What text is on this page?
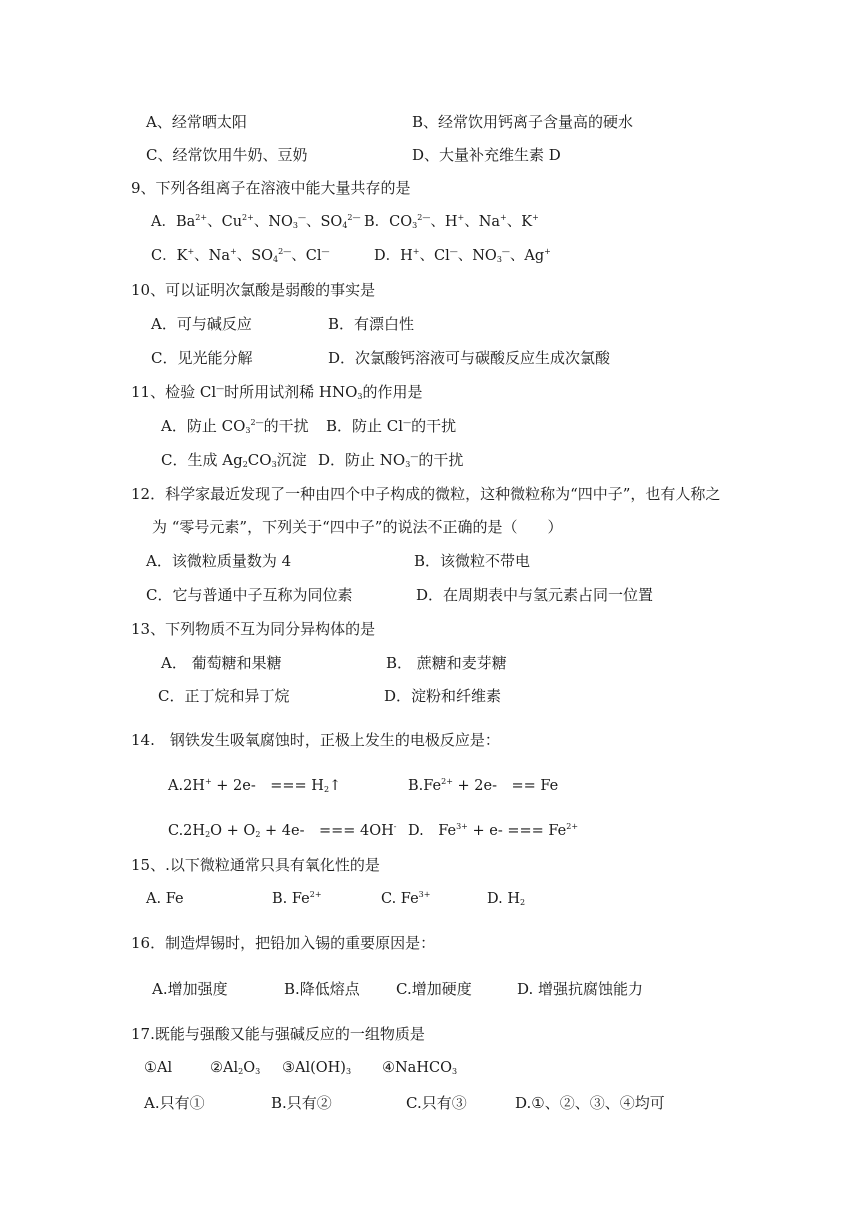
A、经常晒太阳	B、经常饮用钙离子含量高的硬水
C、经常饮用牛奶、豆奶	D、大量补充维生素 D
9、下列各组离子在溶液中能大量共存的是
A．$Ba^{2+}$、$Cu^{2+}$、$NO_3^—$、$SO_4^{2—}$ B．$CO_3^{2—}$、H+、Na+、K+
C．K+、Na+、$SO_4^{2—}$、Cl—	D．H+、Cl—、$NO_3^—$、Ag+
10、可以证明次氯酸是弱酸的事实是
A．可与碱反应	B．有漂白性
C．见光能分解	D．次氯酸钙溶液可与碳酸反应生成次氯酸
11、检验 Cl—时所用试剂稀 $HNO_3$的作用是
A．防止 $CO_3^{2—}$的干扰 B．防止 Cl—的干扰
C．生成 $Ag_2CO_3$沉淀 D．防止 $NO_3^—$的干扰
12．科学家最近发现了一种由四个中子构成的微粒，这种微粒称为“四中子”，也有人称之
为 “零号元素”，下列关于“四中子”的说法不正确的是（　　）
A．该微粒质量数为 4	B．该微粒不带电
C．它与普通中子互称为同位素	D．在周期表中与氢元素占同一位置
13、下列物质不互为同分异构体的是
A． 葡萄糖和果糖	B． 蔗糖和麦芽糖
C．正丁烷和异丁烷	D．淀粉和纤维素
14.　钢铁发生吸氧腐蚀时，正极上发生的电极反应是：
A.2H+ + 2e-　=== $H_2↑$	$B.Fe^{2+} + 2e-$　== Fe
$C.2H_2O + O_2 + 4e-$　=== 4OH- D.　$Fe^{3+} + e-$ === $Fe^{2+}$
15、.以下微粒通常只具有氧化性的是
A. Fe	B. $Fe^{2+}$	C. $Fe^{3+}$	D. $H_2$
16．制造焊锡时，把铅加入锡的重要原因是：
A.增加强度	B.降低熔点 C.增加硬度	D. 增强抗腐蚀能力
17.既能与强酸又能与强碱反应的一组物质是
①Al	$②Al_2O_3$ $③Al(OH)_3$ ④NaHCO$_3$
A.只有①	B.只有②	C.只有③	D.①、②、③、④均可
